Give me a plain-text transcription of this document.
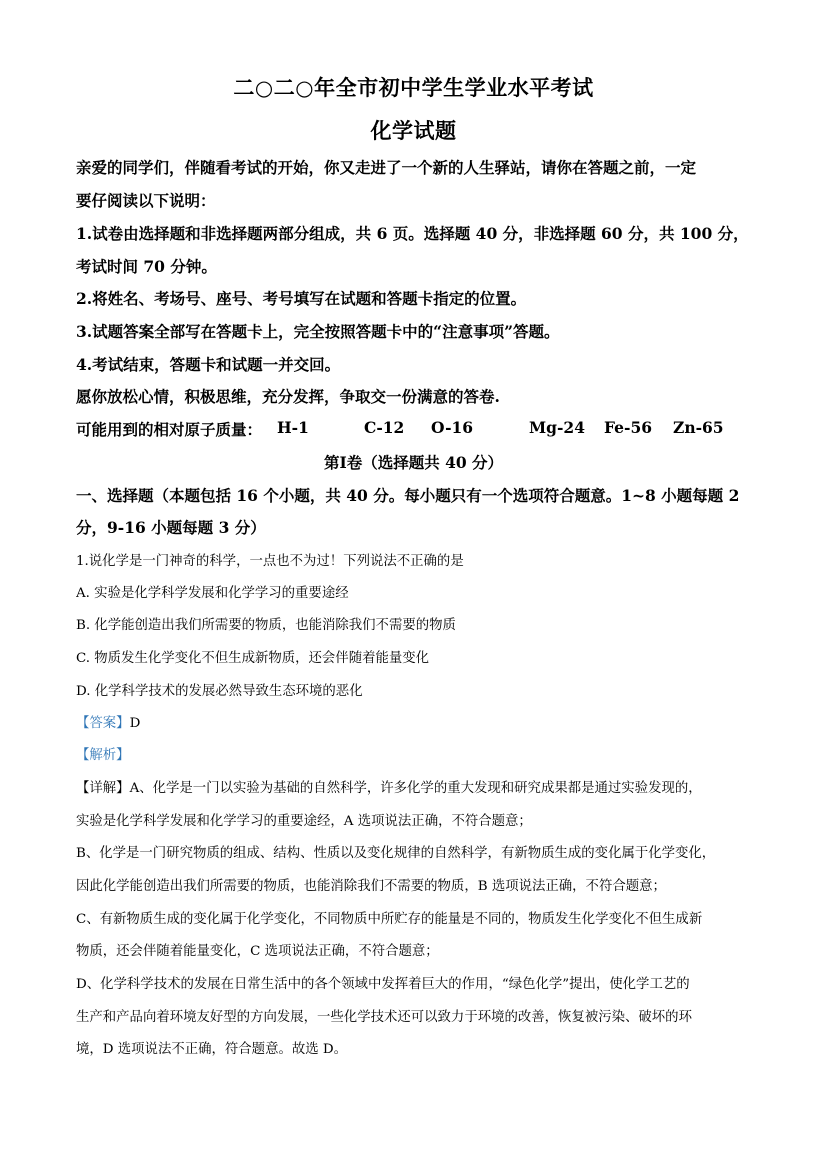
二○二○年全市初中学生学业水平考试
化学试题
亲爱的同学们，伴随看考试的开始，你又走进了一个新的人生驿站，请你在答题之前，一定
要仔阅读以下说明：
1.试卷由选择题和非选择题两部分组成，共 6 页。选择题 40 分，非选择题 60 分，共 100 分，
考试时间 70 分钟。
2.将姓名、考场号、座号、考号填写在试题和答题卡指定的位置。
3.试题答案全部写在答题卡上，完全按照答题卡中的“注意事项”答题。
4.考试结束，答题卡和试题一并交回。
愿你放松心情，积极思维，充分发挥，争取交一份满意的答卷.
可能用到的相对原子质量： H-1	C-12 O-16	Mg-24 Fe-56 Zn-65
第Ⅰ卷（选择题共 40 分）
一、选择题（本题包括 16 个小题，共 40 分。每小题只有一个选项符合题意。1~8 小题每题 2
分，9-16 小题每题 3 分）
1.说化学是一门神奇的科学，一点也不为过！下列说法不正确的是
A. 实验是化学科学发展和化学学习的重要途经
B. 化学能创造出我们所需要的物质，也能消除我们不需要的物质
C. 物质发生化学变化不但生成新物质，还会伴随着能量变化
D. 化学科学技术的发展必然导致生态环境的恶化
【答案】D
【解析】
【详解】A、化学是一门以实验为基础的自然科学，许多化学的重大发现和研究成果都是通过实验发现的，
实验是化学科学发展和化学学习的重要途经，A 选项说法正确，不符合题意；
B、化学是一门研究物质的组成、结构、性质以及变化规律的自然科学，有新物质生成的变化属于化学变化，
因此化学能创造出我们所需要的物质，也能消除我们不需要的物质，B 选项说法正确，不符合题意；
C、有新物质生成的变化属于化学变化，不同物质中所贮存的能量是不同的，物质发生化学变化不但生成新
物质，还会伴随着能量变化，C 选项说法正确，不符合题意；
D、化学科学技术的发展在日常生活中的各个领域中发挥着巨大的作用，“绿色化学”提出，使化学工艺的
生产和产品向着环境友好型的方向发展，一些化学技术还可以致力于环境的改善，恢复被污染、破坏的环
境，D 选项说法不正确，符合题意。故选 D。
